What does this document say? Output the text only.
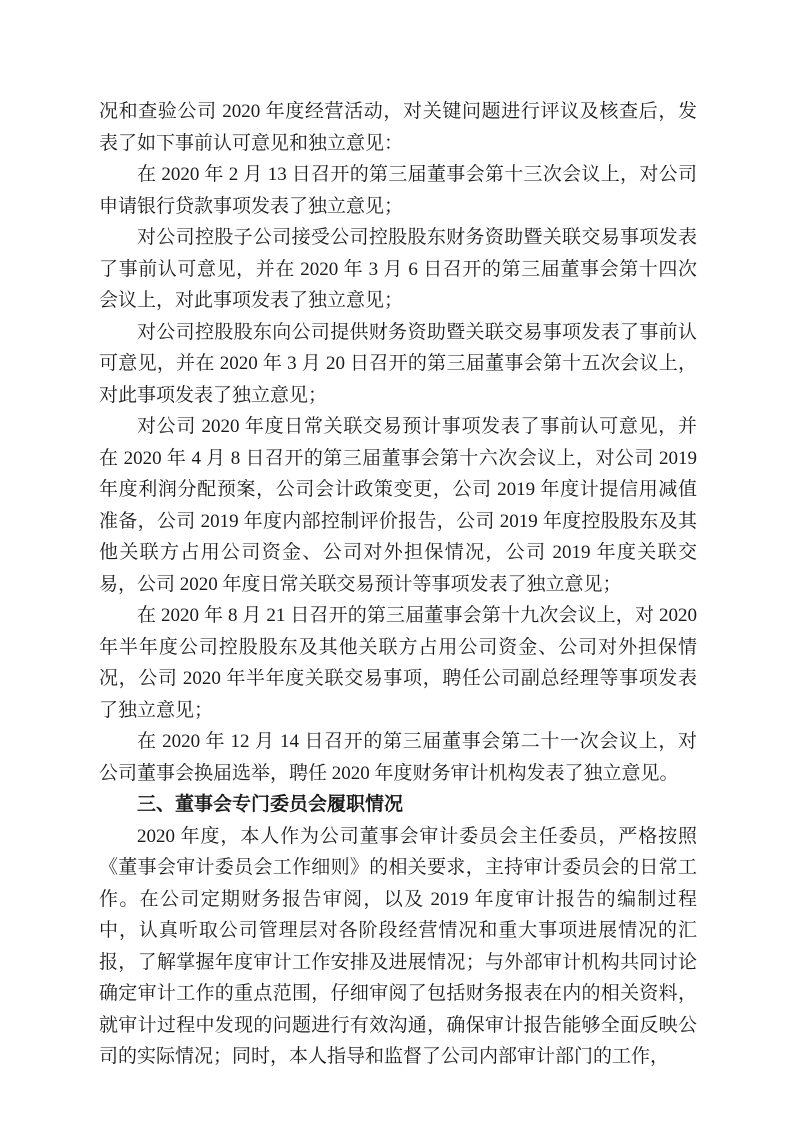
况和查验公司 2020 年度经营活动，对关键问题进行评议及核查后，发表了如下事前认可意见和独立意见：

在 2020 年 2 月 13 日召开的第三届董事会第十三次会议上，对公司申请银行贷款事项发表了独立意见；

对公司控股子公司接受公司控股股东财务资助暨关联交易事项发表了事前认可意见，并在 2020 年 3 月 6 日召开的第三届董事会第十四次会议上，对此事项发表了独立意见；

对公司控股股东向公司提供财务资助暨关联交易事项发表了事前认可意见，并在 2020 年 3 月 20 日召开的第三届董事会第十五次会议上，对此事项发表了独立意见；

对公司 2020 年度日常关联交易预计事项发表了事前认可意见，并在 2020 年 4 月 8 日召开的第三届董事会第十六次会议上，对公司 2019 年度利润分配预案，公司会计政策变更，公司 2019 年度计提信用减值准备，公司 2019 年度内部控制评价报告，公司 2019 年度控股股东及其他关联方占用公司资金、公司对外担保情况，公司 2019 年度关联交易，公司 2020 年度日常关联交易预计等事项发表了独立意见；

在 2020 年 8 月 21 日召开的第三届董事会第十九次会议上，对 2020 年半年度公司控股股东及其他关联方占用公司资金、公司对外担保情况，公司 2020 年半年度关联交易事项，聘任公司副总经理等事项发表了独立意见；

在 2020 年 12 月 14 日召开的第三届董事会第二十一次会议上，对公司董事会换届选举，聘任 2020 年度财务审计机构发表了独立意见。

三、董事会专门委员会履职情况

2020 年度，本人作为公司董事会审计委员会主任委员，严格按照《董事会审计委员会工作细则》的相关要求，主持审计委员会的日常工作。在公司定期财务报告审阅，以及 2019 年度审计报告的编制过程中，认真听取公司管理层对各阶段经营情况和重大事项进展情况的汇报，了解掌握年度审计工作安排及进展情况；与外部审计机构共同讨论确定审计工作的重点范围，仔细审阅了包括财务报表在内的相关资料，就审计过程中发现的问题进行有效沟通，确保审计报告能够全面反映公司的实际情况；同时，本人指导和监督了公司内部审计部门的工作，
